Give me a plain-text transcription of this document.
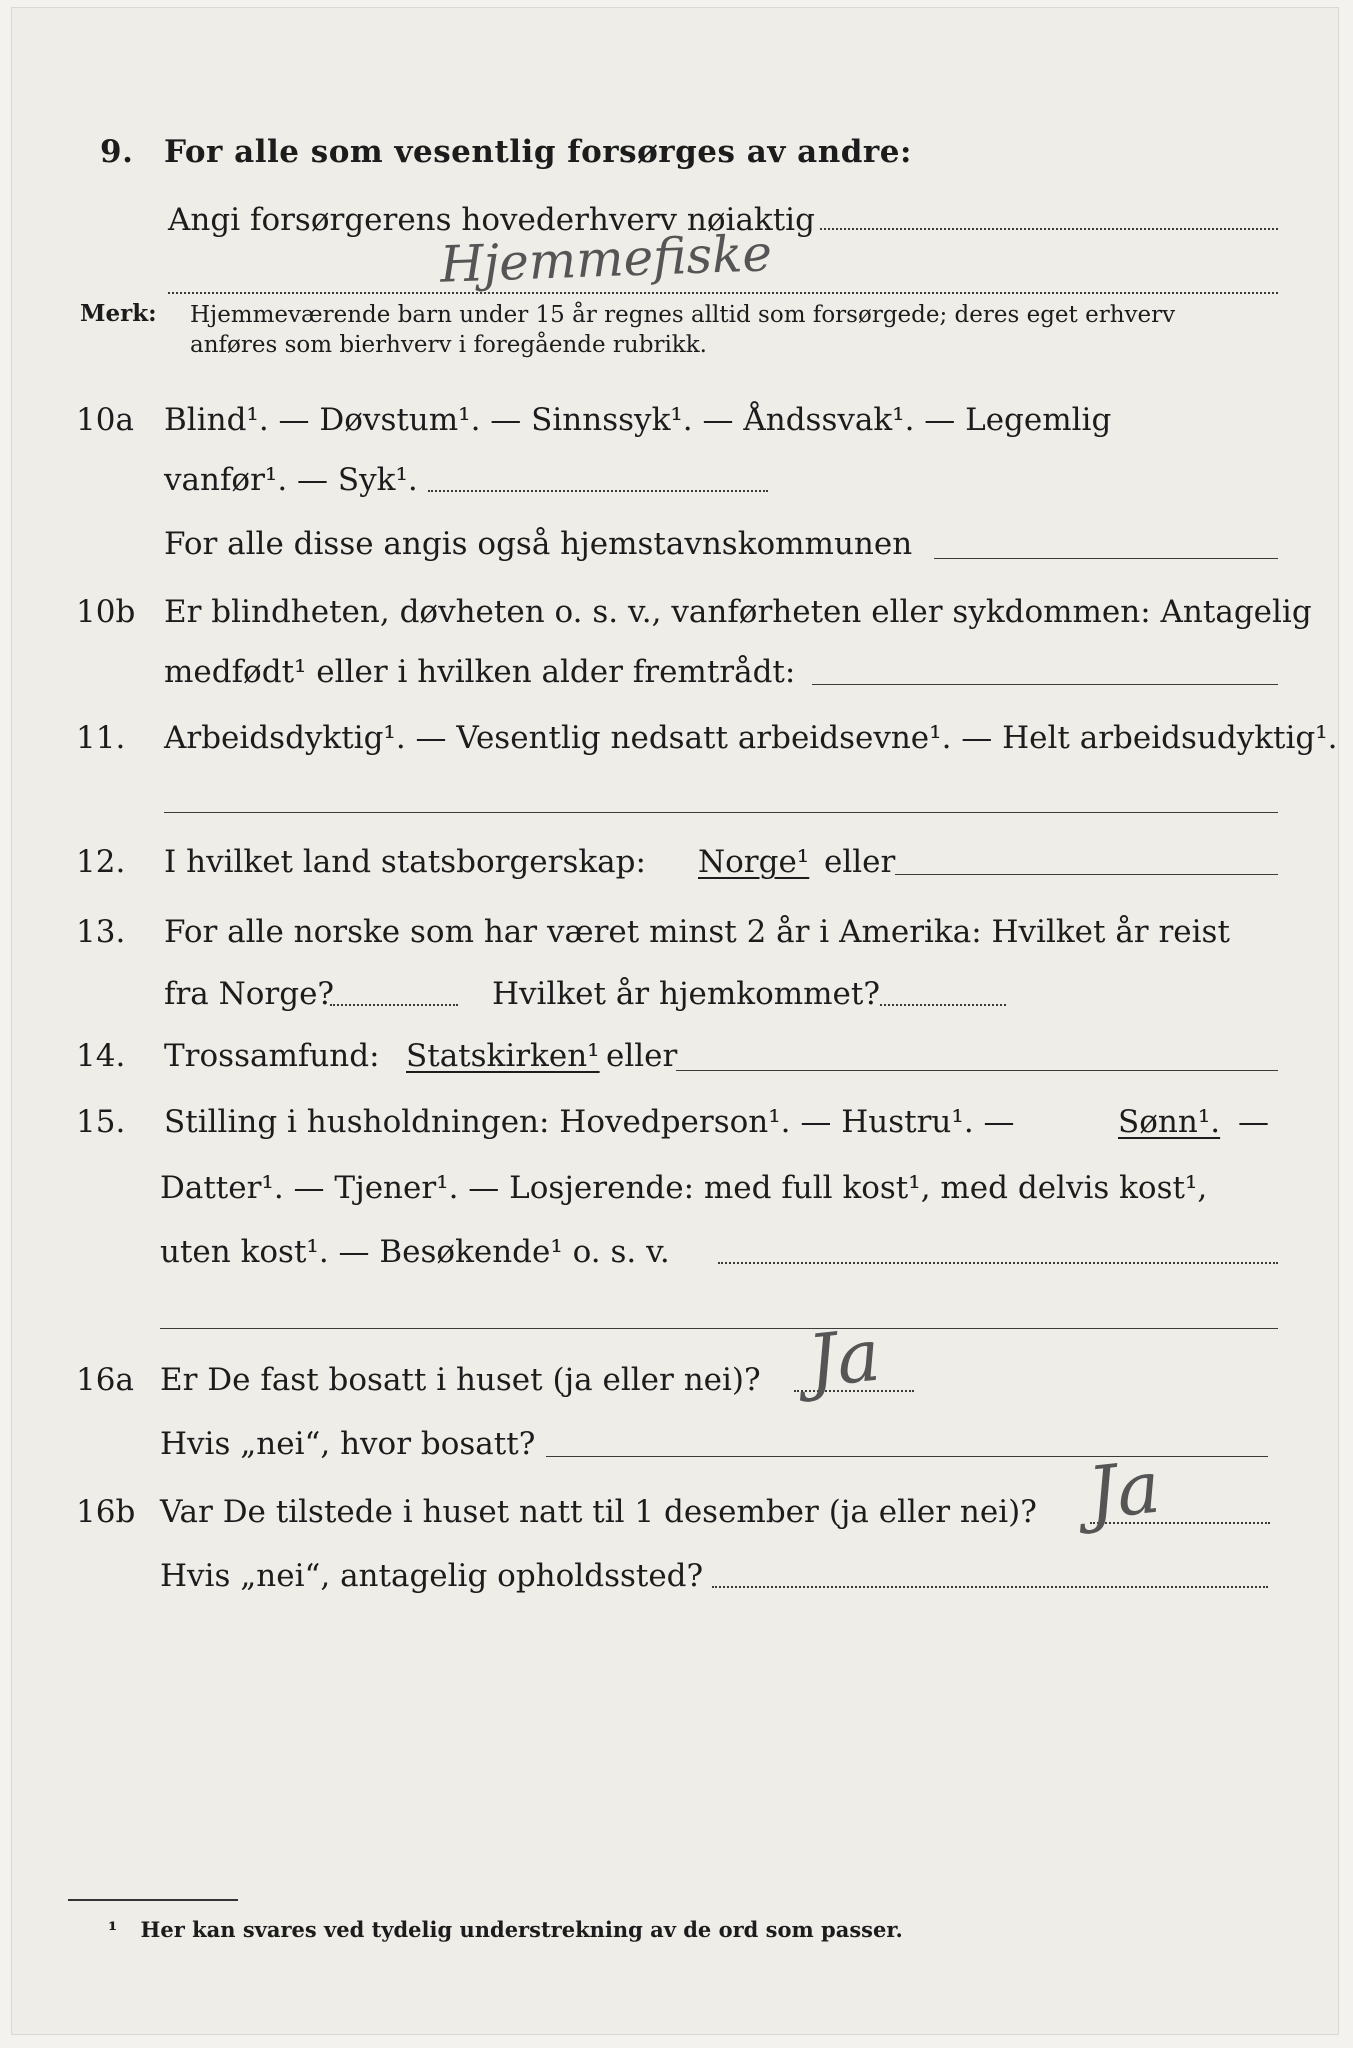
9. For alle som vesentlig forsørges av andre:
Angi forsørgerens hovederhverv nøiaktig
Hjemmefiske
Merk: Hjemmeværende barn under 15 år regnes alltid som forsørgede; deres eget erhverv
anføres som bierhverv i foregående rubrikk.
10a Blind¹. — Døvstum¹. — Sinnssyk¹. — Åndssvak¹. — Legemlig
vanfør¹. — Syk¹.
For alle disse angis også hjemstavnskommunen
10b Er blindheten, døvheten o. s. v., vanførheten eller sykdommen: Antagelig
medfødt¹ eller i hvilken alder fremtrådt:
11. Arbeidsdyktig¹. — Vesentlig nedsatt arbeidsevne¹. — Helt arbeidsudyktig¹.
12. I hvilket land statsborgerskap: Norge¹ eller
13. For alle norske som har været minst 2 år i Amerika: Hvilket år reist
fra Norge?	Hvilket år hjemkommet?
14. Trossamfund: Statskirken¹ eller
15. Stilling i husholdningen: Hovedperson¹. — Hustru¹. —	Sønn¹. —
Datter¹. — Tjener¹. — Losjerende: med full kost¹, med delvis kost¹,
uten kost¹. — Besøkende¹ o. s. v.
16a Er De fast bosatt i huset (ja eller nei)? Ja
Hvis „nei“, hvor bosatt?
16b Var De tilstede i huset natt til 1 desember (ja eller nei)? Ja
Hvis „nei“, antagelig opholdssted?
¹ Her kan svares ved tydelig understrekning av de ord som passer.
